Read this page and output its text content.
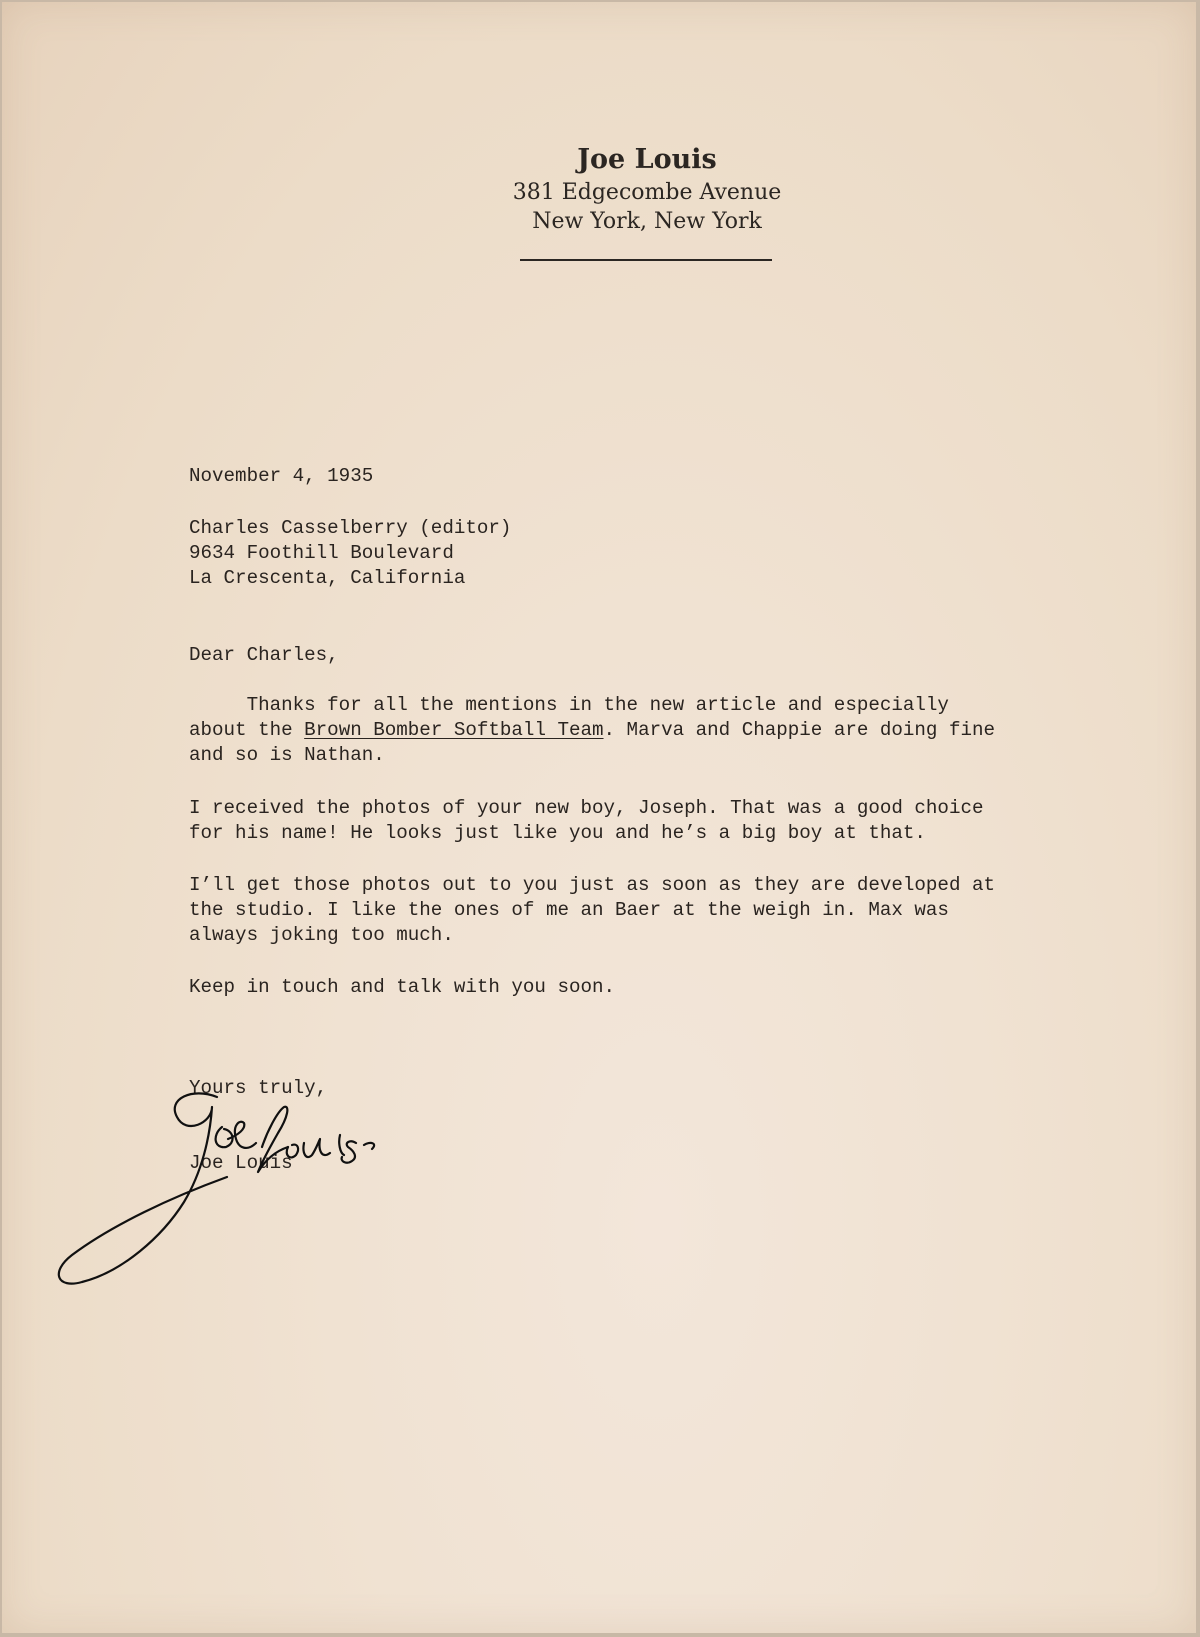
Joe Louis
381 Edgecombe Avenue
New York, New York
November 4, 1935
Charles Casselberry (editor)
9634 Foothill Boulevard
La Crescenta, California
Dear Charles,
Thanks for all the mentions in the new article and especially
about the Brown Bomber Softball Team. Marva and Chappie are doing fine
and so is Nathan.
I received the photos of your new boy, Joseph. That was a good choice
for his name! He looks just like you and he’s a big boy at that.
I’ll get those photos out to you just as soon as they are developed at
the studio. I like the ones of me an Baer at the weigh in. Max was
always joking too much.
Keep in touch and talk with you soon.
Yours truly,
Joe Louis
